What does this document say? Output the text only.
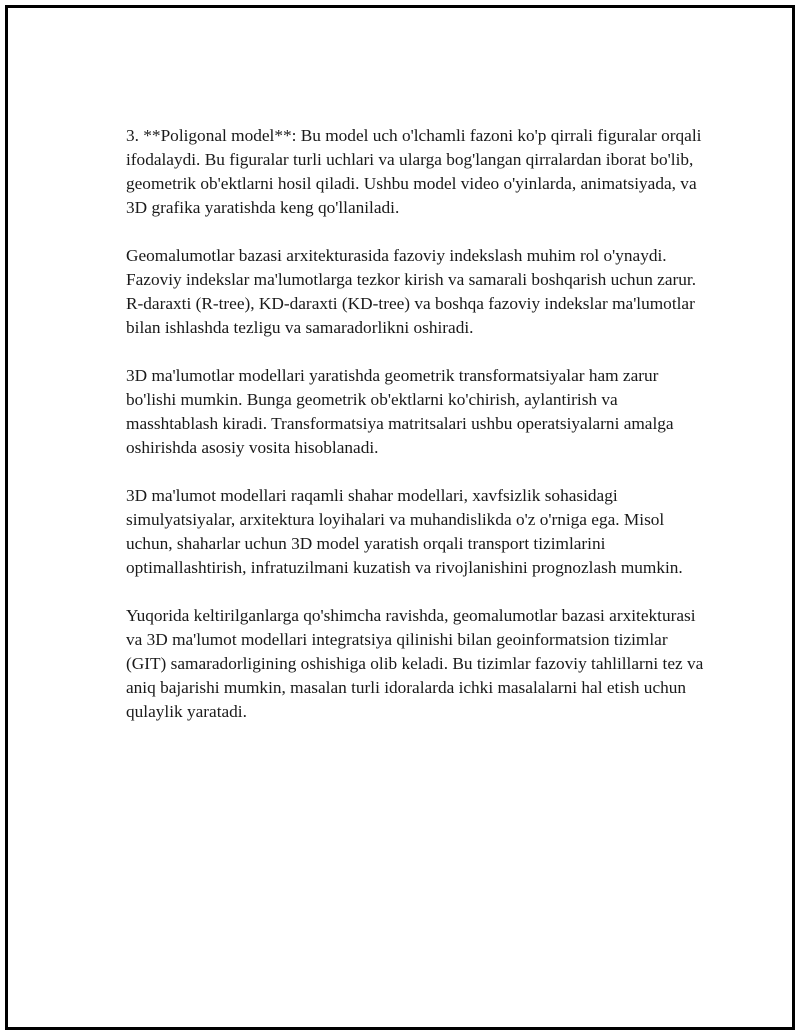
3. **Poligonal model**: Bu model uch o'lchamli fazoni ko'p qirrali figuralar orqali ifodalaydi. Bu figuralar turli uchlari va ularga bog'langan qirralardan iborat bo'lib, geometrik ob'ektlarni hosil qiladi. Ushbu model video o'yinlarda, animatsiyada, va 3D grafika yaratishda keng qo'llaniladi.

Geomalumotlar bazasi arxitekturasida fazoviy indekslash muhim rol o'ynaydi. Fazoviy indekslar ma'lumotlarga tezkor kirish va samarali boshqarish uchun zarur. R-daraxti (R-tree), KD-daraxti (KD-tree) va boshqa fazoviy indekslar ma'lumotlar bilan ishlashda tezligu va samaradorlikni oshiradi.

3D ma'lumotlar modellari yaratishda geometrik transformatsiyalar ham zarur bo'lishi mumkin. Bunga geometrik ob'ektlarni ko'chirish, aylantirish va masshtablash kiradi. Transformatsiya matritsalari ushbu operatsiyalarni amalga oshirishda asosiy vosita hisoblanadi.

3D ma'lumot modellari raqamli shahar modellari, xavfsizlik sohasidagi simulyatsiyalar, arxitektura loyihalari va muhandislikda o'z o'rniga ega. Misol uchun, shaharlar uchun 3D model yaratish orqali transport tizimlarini optimallashtirish, infratuzilmani kuzatish va rivojlanishini prognozlash mumkin.

Yuqorida keltirilganlarga qo'shimcha ravishda, geomalumotlar bazasi arxitekturasi va 3D ma'lumot modellari integratsiya qilinishi bilan geoinformatsion tizimlar (GIT) samaradorligining oshishiga olib keladi. Bu tizimlar fazoviy tahlillarni tez va aniq bajarishi mumkin, masalan turli idoralarda ichki masalalarni hal etish uchun qulaylik yaratadi.
